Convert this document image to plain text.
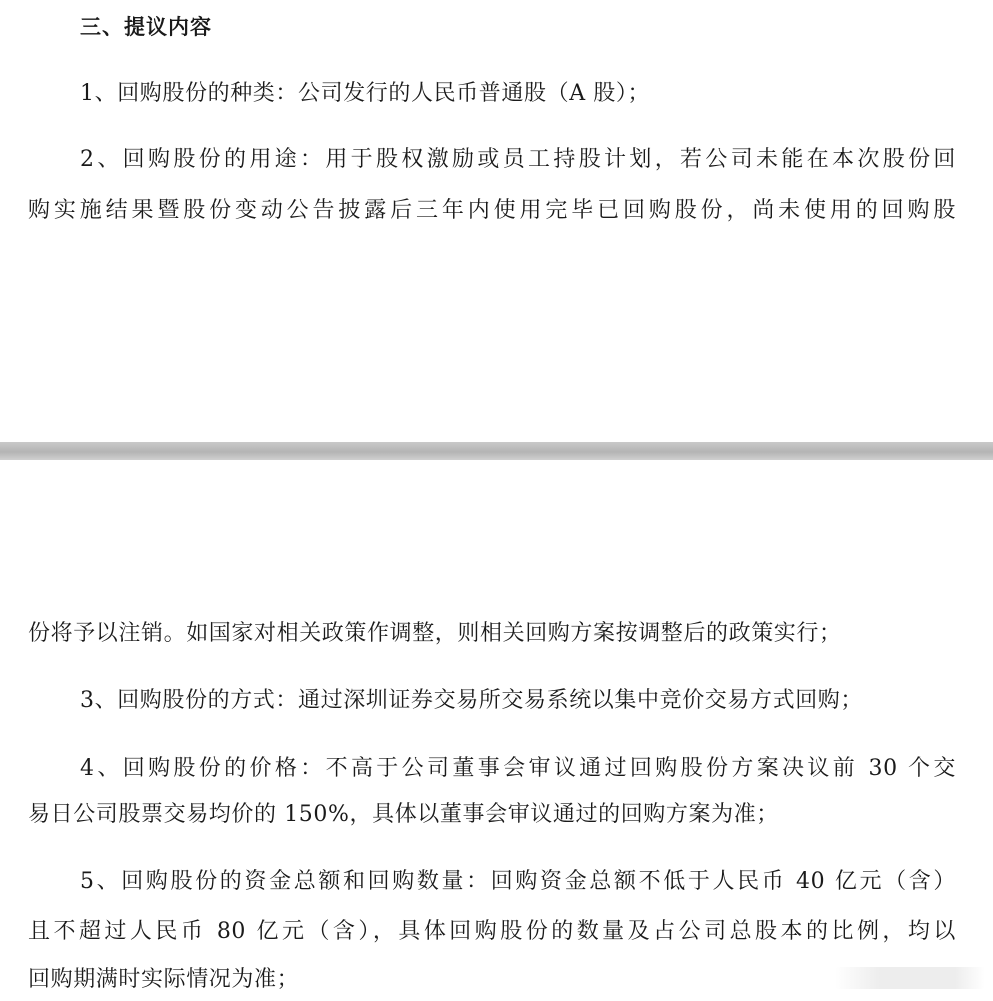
三、提议内容

1、回购股份的种类：公司发行的人民币普通股（A 股）；

2、回购股份的用途：用于股权激励或员工持股计划，若公司未能在本次股份回

购实施结果暨股份变动公告披露后三年内使用完毕已回购股份，尚未使用的回购股

份将予以注销。如国家对相关政策作调整，则相关回购方案按调整后的政策实行；

3、回购股份的方式：通过深圳证券交易所交易系统以集中竞价交易方式回购；

4、回购股份的价格：不高于公司董事会审议通过回购股份方案决议前 30 个交

易日公司股票交易均价的 150%，具体以董事会审议通过的回购方案为准；

5、回购股份的资金总额和回购数量：回购资金总额不低于人民币 40 亿元（含）

且不超过人民币 80 亿元（含），具体回购股份的数量及占公司总股本的比例，均以

回购期满时实际情况为准；
